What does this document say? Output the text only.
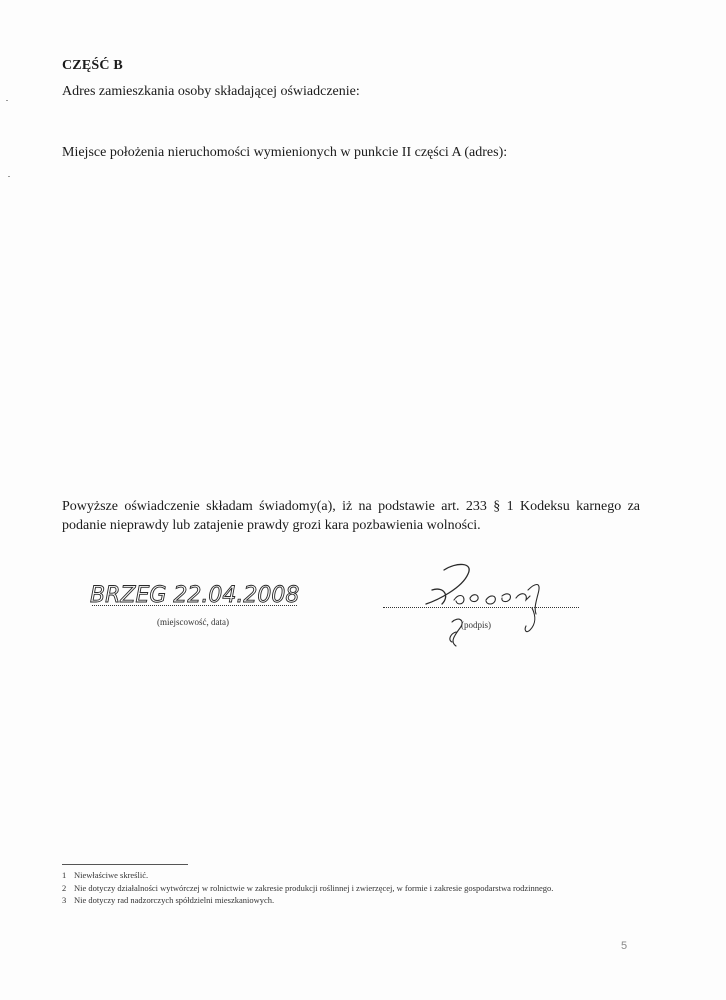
CZĘŚĆ B
Adres zamieszkania osoby składającej oświadczenie:
Miejsce położenia nieruchomości wymienionych w punkcie II części A (adres):
Powyższe oświadczenie składam świadomy(a), iż na podstawie art. 233 § 1 Kodeksu karnego za podanie nieprawdy lub zatajenie prawdy grozi kara pozbawienia wolności.
BRZEG 22.04.2008
(miejscowość, data)	(podpis)
1 Niewłaściwe skreślić.
2 Nie dotyczy działalności wytwórczej w rolnictwie w zakresie produkcji roślinnej i zwierzęcej, w formie i zakresie gospodarstwa rodzinnego.
3 Nie dotyczy rad nadzorczych spółdzielni mieszkaniowych.
5
